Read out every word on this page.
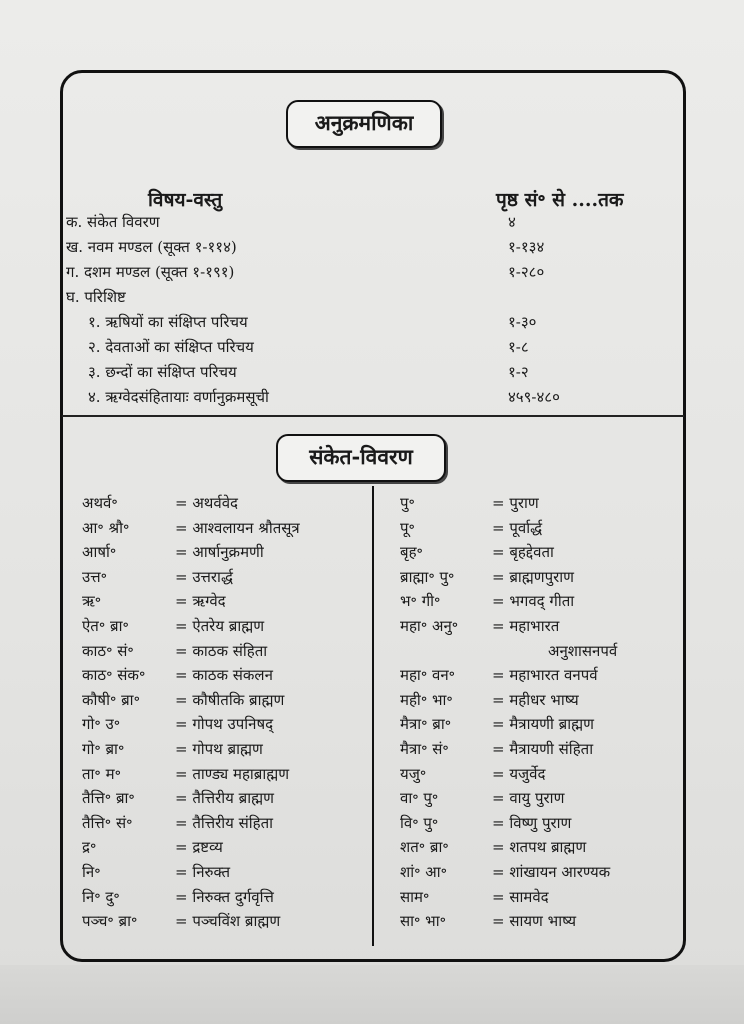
अनुक्रमणिका
विषय-वस्तु	पृष्ठ सं॰ से ....तक
क. संकेत विवरण	४
ख. नवम मण्डल (सूक्त १-११४)	१-१३४
ग. दशम मण्डल (सूक्त १-१९१)	१-२८०
घ. परिशिष्ट
१. ऋषियों का संक्षिप्त परिचय	१-३०
२. देवताओं का संक्षिप्त परिचय	१-८
३. छन्दों का संक्षिप्त परिचय	१-२
४. ऋग्वेदसंहितायाः वर्णानुक्रमसूची	४५९-४८०
संकेत-विवरण
अथर्व॰	= अथर्ववेद
आ॰ श्रौ॰	= आश्वलायन श्रौतसूत्र
आर्षा॰	= आर्षानुक्रमणी
उत्त॰	= उत्तरार्द्ध
ऋ॰	= ऋग्वेद
ऐत॰ ब्रा॰	= ऐतरेय ब्राह्मण
काठ॰ सं॰	= काठक संहिता
काठ॰ संक॰ = काठक संकलन
कौषी॰ ब्रा॰ = कौषीतकि ब्राह्मण
गो॰ उ॰	= गोपथ उपनिषद्
गो॰ ब्रा॰	= गोपथ ब्राह्मण
ता॰ म॰	= ताण्ड्य महाब्राह्मण
तैत्ति॰ ब्रा॰	= तैत्तिरीय ब्राह्मण
तैत्ति॰ सं॰	= तैत्तिरीय संहिता
द्र॰	= द्रष्टव्य
नि॰	= निरुक्त
नि॰ दु॰	= निरुक्त दुर्गवृत्ति
पञ्च॰ ब्रा॰	= पञ्चविंश ब्राह्मण
पु॰	= पुराण
पू॰	= पूर्वार्द्ध
बृह॰	= बृहद्देवता
ब्राह्मा॰ पु॰	= ब्राह्मणपुराण
भ॰ गी॰	= भगवद् गीता
महा॰ अनु॰ = महाभारत
अनुशासनपर्व
महा॰ वन॰ = महाभारत वनपर्व
मही॰ भा॰	= महीधर भाष्य
मैत्रा॰ ब्रा॰	= मैत्रायणी ब्राह्मण
मैत्रा॰ सं॰	= मैत्रायणी संहिता
यजु॰	= यजुर्वेद
वा॰ पु॰	= वायु पुराण
वि॰ पु॰	= विष्णु पुराण
शत॰ ब्रा॰	= शतपथ ब्राह्मण
शां॰ आ॰	= शांखायन आरण्यक
साम॰	= सामवेद
सा॰ भा॰	= सायण भाष्य
